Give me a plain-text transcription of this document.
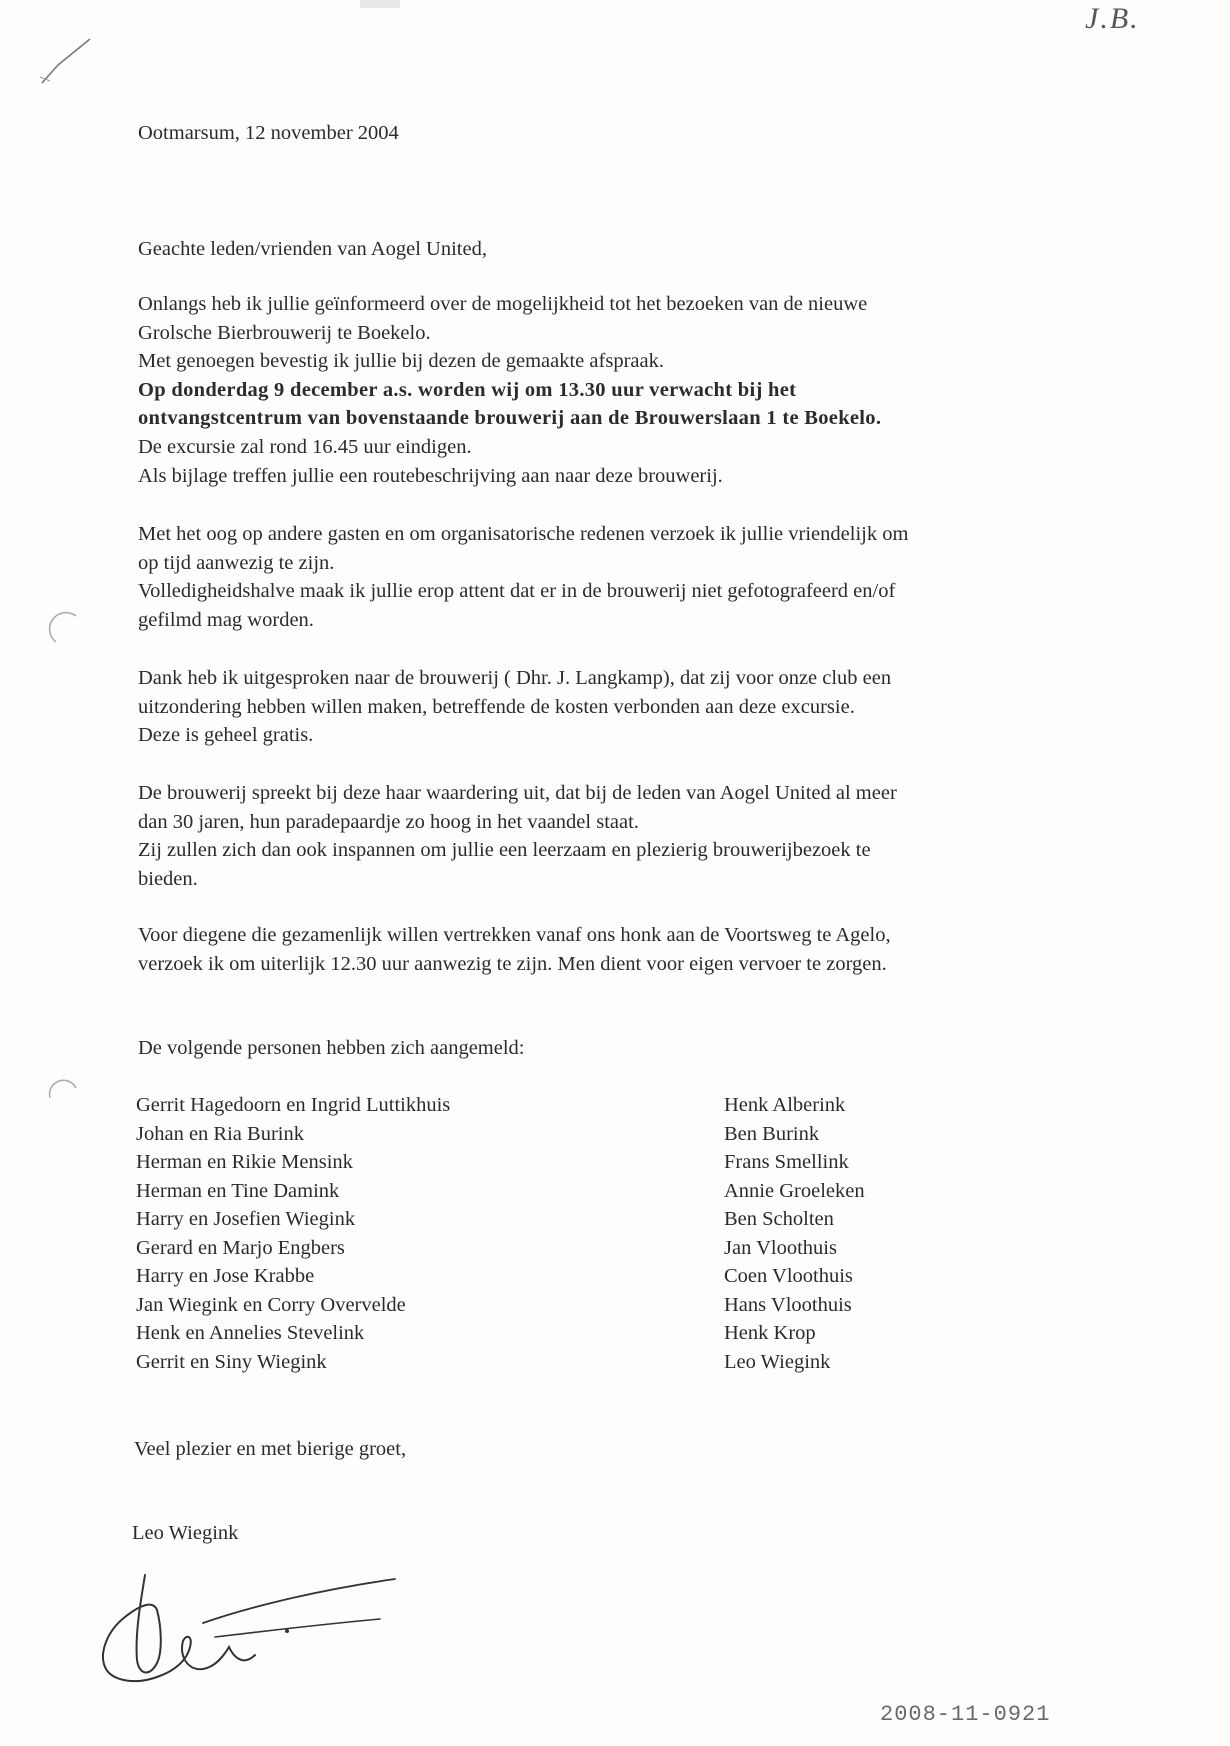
J.B.
Ootmarsum, 12 november 2004
Geachte leden/vrienden van Aogel United,
Onlangs heb ik jullie geïnformeerd over de mogelijkheid tot het bezoeken van de nieuwe
Grolsche Bierbrouwerij te Boekelo.
Met genoegen bevestig ik jullie bij dezen de gemaakte afspraak.
Op donderdag 9 december a.s. worden wij om 13.30 uur verwacht bij het
ontvangstcentrum van bovenstaande brouwerij aan de Brouwerslaan 1 te Boekelo.
De excursie zal rond 16.45 uur eindigen.
Als bijlage treffen jullie een routebeschrijving aan naar deze brouwerij.
Met het oog op andere gasten en om organisatorische redenen verzoek ik jullie vriendelijk om
op tijd aanwezig te zijn.
Volledigheidshalve maak ik jullie erop attent dat er in de brouwerij niet gefotografeerd en/of
gefilmd mag worden.
Dank heb ik uitgesproken naar de brouwerij ( Dhr. J. Langkamp), dat zij voor onze club een
uitzondering hebben willen maken, betreffende de kosten verbonden aan deze excursie.
Deze is geheel gratis.
De brouwerij spreekt bij deze haar waardering uit, dat bij de leden van Aogel United al meer
dan 30 jaren, hun paradepaardje zo hoog in het vaandel staat.
Zij zullen zich dan ook inspannen om jullie een leerzaam en plezierig brouwerijbezoek te
bieden.
Voor diegene die gezamenlijk willen vertrekken vanaf ons honk aan de Voortsweg te Agelo,
verzoek ik om uiterlijk 12.30 uur aanwezig te zijn. Men dient voor eigen vervoer te zorgen.
De volgende personen hebben zich aangemeld:
Gerrit Hagedoorn en Ingrid Luttikhuis
Johan en Ria Burink
Herman en Rikie Mensink
Herman en Tine Damink
Harry en Josefien Wiegink
Gerard en Marjo Engbers
Harry en Jose Krabbe
Jan Wiegink en Corry Overvelde
Henk en Annelies Stevelink
Gerrit en Siny Wiegink
Henk Alberink
Ben Burink
Frans Smellink
Annie Groeleken
Ben Scholten
Jan Vloothuis
Coen Vloothuis
Hans Vloothuis
Henk Krop
Leo Wiegink
Veel plezier en met bierige groet,
Leo Wiegink
2008-11-0921
